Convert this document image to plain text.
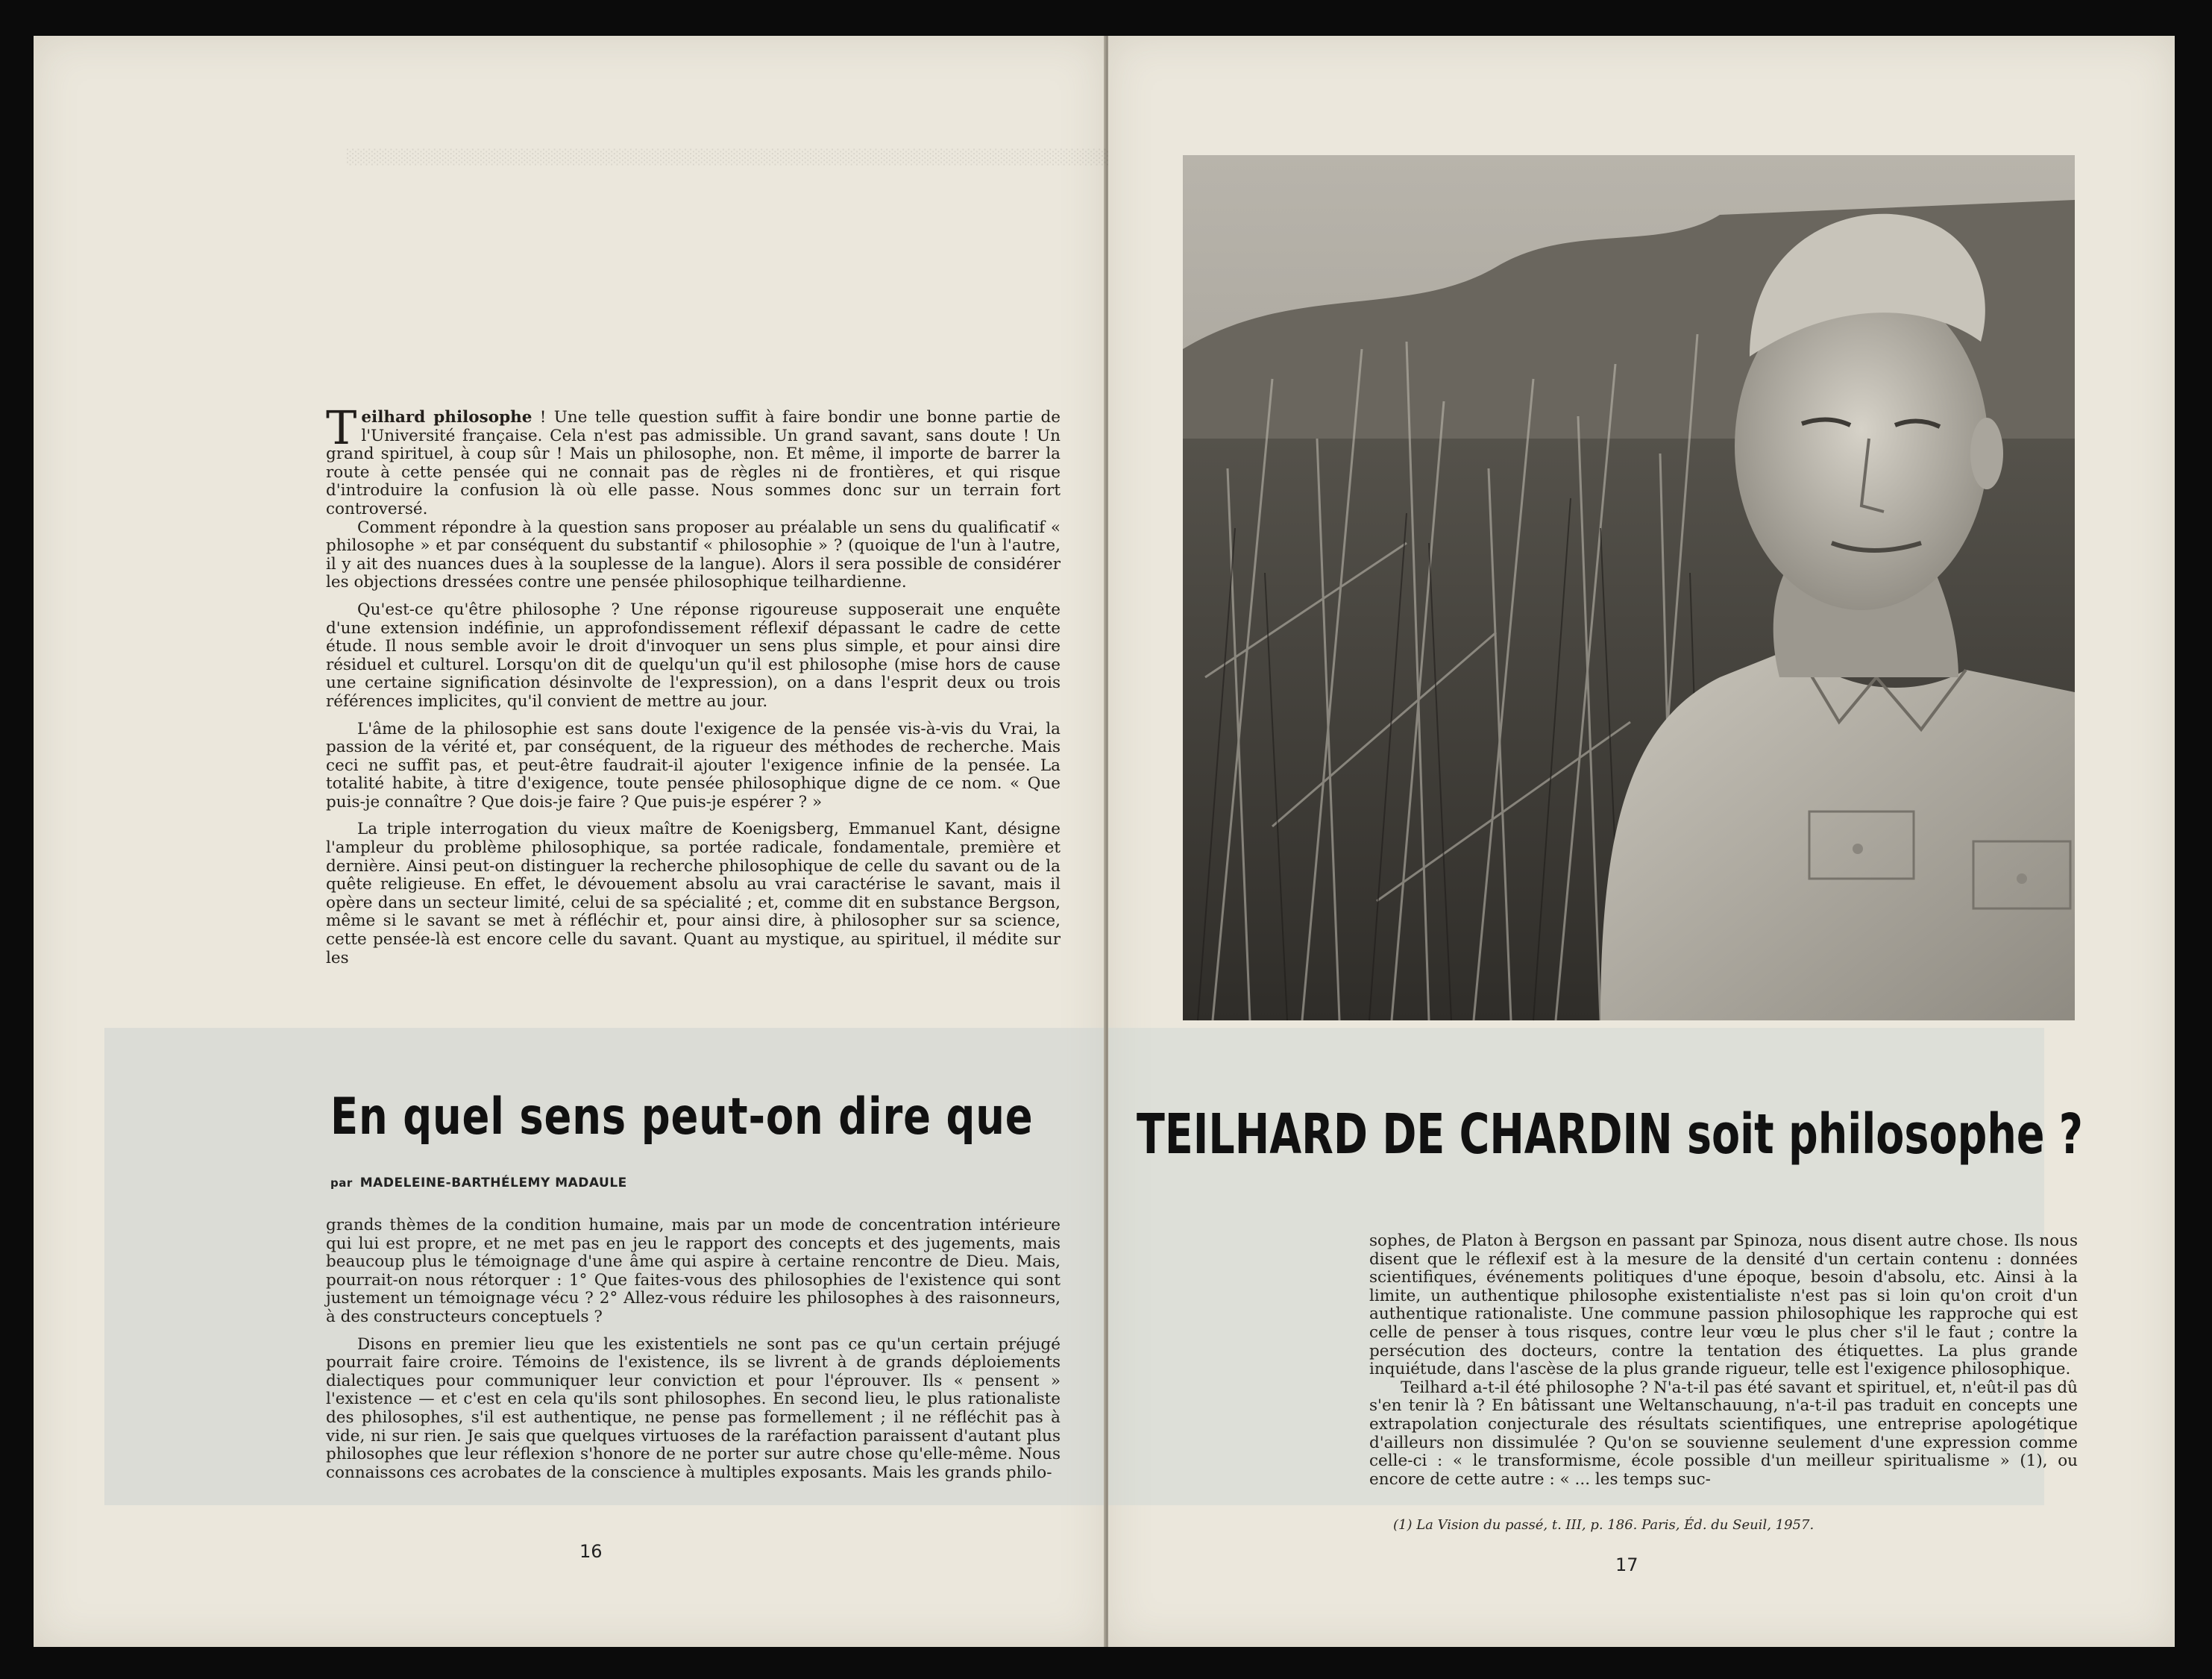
░░░░░░░░░░░░░░░░░░░░░░░░░░░░░░░░░░░░░░░░░░░░░░░░░░░░░░░░░░░░░░░░░░░░░░░░░░░░░░░

Teilhard philosophe ! Une telle question suffit à faire bondir une bonne partie de l'Université française. Cela n'est pas admissible. Un grand savant, sans doute ! Un grand spirituel, à coup sûr ! Mais un philosophe, non. Et même, il importe de barrer la route à cette pensée qui ne connait pas de règles ni de frontières, et qui risque d'introduire la confusion là où elle passe. Nous sommes donc sur un terrain fort controversé.

Comment répondre à la question sans proposer au préalable un sens du qualificatif « philosophe » et par conséquent du substantif « philosophie » ? (quoique de l'un à l'autre, il y ait des nuances dues à la souplesse de la langue). Alors il sera possible de considérer les objections dressées contre une pensée philosophique teilhardienne.

Qu'est-ce qu'être philosophe ? Une réponse rigoureuse supposerait une enquête d'une extension indéfinie, un approfondissement réflexif dépassant le cadre de cette étude. Il nous semble avoir le droit d'invoquer un sens plus simple, et pour ainsi dire résiduel et culturel. Lorsqu'on dit de quelqu'un qu'il est philosophe (mise hors de cause une certaine signification désinvolte de l'expression), on a dans l'esprit deux ou trois références implicites, qu'il convient de mettre au jour.

L'âme de la philosophie est sans doute l'exigence de la pensée vis-à-vis du Vrai, la passion de la vérité et, par conséquent, de la rigueur des méthodes de recherche. Mais ceci ne suffit pas, et peut-être faudrait-il ajouter l'exigence infinie de la pensée. La totalité habite, à titre d'exigence, toute pensée philosophique digne de ce nom. « Que puis-je connaître ? Que dois-je faire ? Que puis-je espérer ? »

La triple interrogation du vieux maître de Koenigsberg, Emmanuel Kant, désigne l'ampleur du problème philosophique, sa portée radicale, fondamentale, première et dernière. Ainsi peut-on distinguer la recherche philosophique de celle du savant ou de la quête religieuse. En effet, le dévouement absolu au vrai caractérise le savant, mais il opère dans un secteur limité, celui de sa spécialité ; et, comme dit en substance Bergson, même si le savant se met à réfléchir et, pour ainsi dire, à philosopher sur sa science, cette pensée-là est encore celle du savant. Quant au mystique, au spirituel, il médite sur les

En quel sens peut-on dire que
par MADELEINE-BARTHÉLEMY MADAULE

grands thèmes de la condition humaine, mais par un mode de concentration intérieure qui lui est propre, et ne met pas en jeu le rapport des concepts et des jugements, mais beaucoup plus le témoignage d'une âme qui aspire à certaine rencontre de Dieu. Mais, pourrait-on nous rétorquer : 1° Que faites-vous des philosophies de l'existence qui sont justement un témoignage vécu ? 2° Allez-vous réduire les philosophes à des raisonneurs, à des constructeurs conceptuels ?

Disons en premier lieu que les existentiels ne sont pas ce qu'un certain préjugé pourrait faire croire. Témoins de l'existence, ils se livrent à de grands déploiements dialectiques pour communiquer leur conviction et pour l'éprouver. Ils « pensent » l'existence — et c'est en cela qu'ils sont philosophes. En second lieu, le plus rationaliste des philosophes, s'il est authentique, ne pense pas formellement ; il ne réfléchit pas à vide, ni sur rien. Je sais que quelques virtuoses de la raréfaction paraissent d'autant plus philosophes que leur réflexion s'honore de ne porter sur autre chose qu'elle-même. Nous connaissons ces acrobates de la conscience à multiples exposants. Mais les grands philo-

16
TEILHARD DE CHARDIN soit philosophe ?

sophes, de Platon à Bergson en passant par Spinoza, nous disent autre chose. Ils nous disent que le réflexif est à la mesure de la densité d'un certain contenu : données scientifiques, événements politiques d'une époque, besoin d'absolu, etc. Ainsi à la limite, un authentique philosophe existentialiste n'est pas si loin qu'on croit d'un authentique rationaliste. Une commune passion philosophique les rapproche qui est celle de penser à tous risques, contre leur vœu le plus cher s'il le faut ; contre la persécution des docteurs, contre la tentation des étiquettes. La plus grande inquiétude, dans l'ascèse de la plus grande rigueur, telle est l'exigence philosophique.

Teilhard a-t-il été philosophe ? N'a-t-il pas été savant et spirituel, et, n'eût-il pas dû s'en tenir là ? En bâtissant une Weltanschauung, n'a-t-il pas traduit en concepts une extrapolation conjecturale des résultats scientifiques, une entreprise apologétique d'ailleurs non dissimulée ? Qu'on se souvienne seulement d'une expression comme celle-ci : « le transformisme, école possible d'un meilleur spiritualisme » (1), ou encore de cette autre : « ... les temps suc-

(1) La Vision du passé, t. III, p. 186. Paris, Éd. du Seuil, 1957.
17
